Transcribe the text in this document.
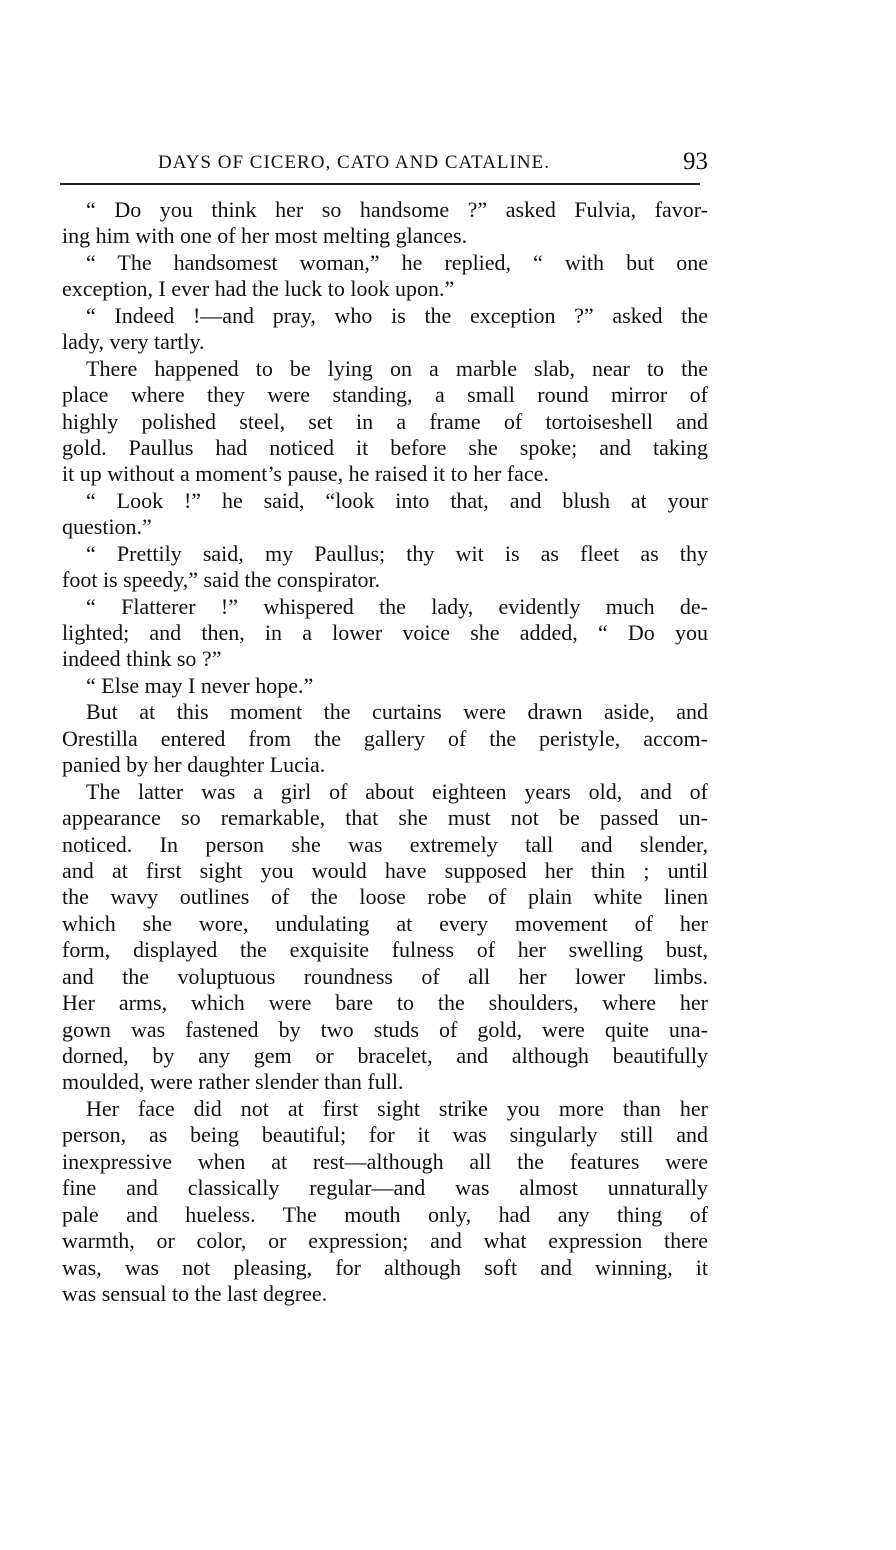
DAYS OF CICERO, CATO AND CATALINE.	93
“ Do you think her so handsome ?” asked Fulvia, favor-
ing him with one of her most melting glances.
“ The handsomest woman,” he replied, “ with but one
exception, I ever had the luck to look upon.”
“ Indeed !—and pray, who is the exception ?” asked the
lady, very tartly.
There happened to be lying on a marble slab, near to the
place where they were standing, a small round mirror of
highly polished steel, set in a frame of tortoiseshell and
gold. Paullus had noticed it before she spoke; and taking
it up without a moment’s pause, he raised it to her face.
“ Look !” he said, “look into that, and blush at your
question.”
“ Prettily said, my Paullus; thy wit is as fleet as thy
foot is speedy,” said the conspirator.
“ Flatterer !” whispered the lady, evidently much de-
lighted; and then, in a lower voice she added, “ Do you
indeed think so ?”
“ Else may I never hope.”
But at this moment the curtains were drawn aside, and
Orestilla entered from the gallery of the peristyle, accom-
panied by her daughter Lucia.
The latter was a girl of about eighteen years old, and of
appearance so remarkable, that she must not be passed un-
noticed. In person she was extremely tall and slender,
and at first sight you would have supposed her thin ; until
the wavy outlines of the loose robe of plain white linen
which she wore, undulating at every movement of her
form, displayed the exquisite fulness of her swelling bust,
and the voluptuous roundness of all her lower limbs.
Her arms, which were bare to the shoulders, where her
gown was fastened by two studs of gold, were quite una-
dorned, by any gem or bracelet, and although beautifully
moulded, were rather slender than full.
Her face did not at first sight strike you more than her
person, as being beautiful; for it was singularly still and
inexpressive when at rest—although all the features were
fine and classically regular—and was almost unnaturally
pale and hueless. The mouth only, had any thing of
warmth, or color, or expression; and what expression there
was, was not pleasing, for although soft and winning, it
was sensual to the last degree.
